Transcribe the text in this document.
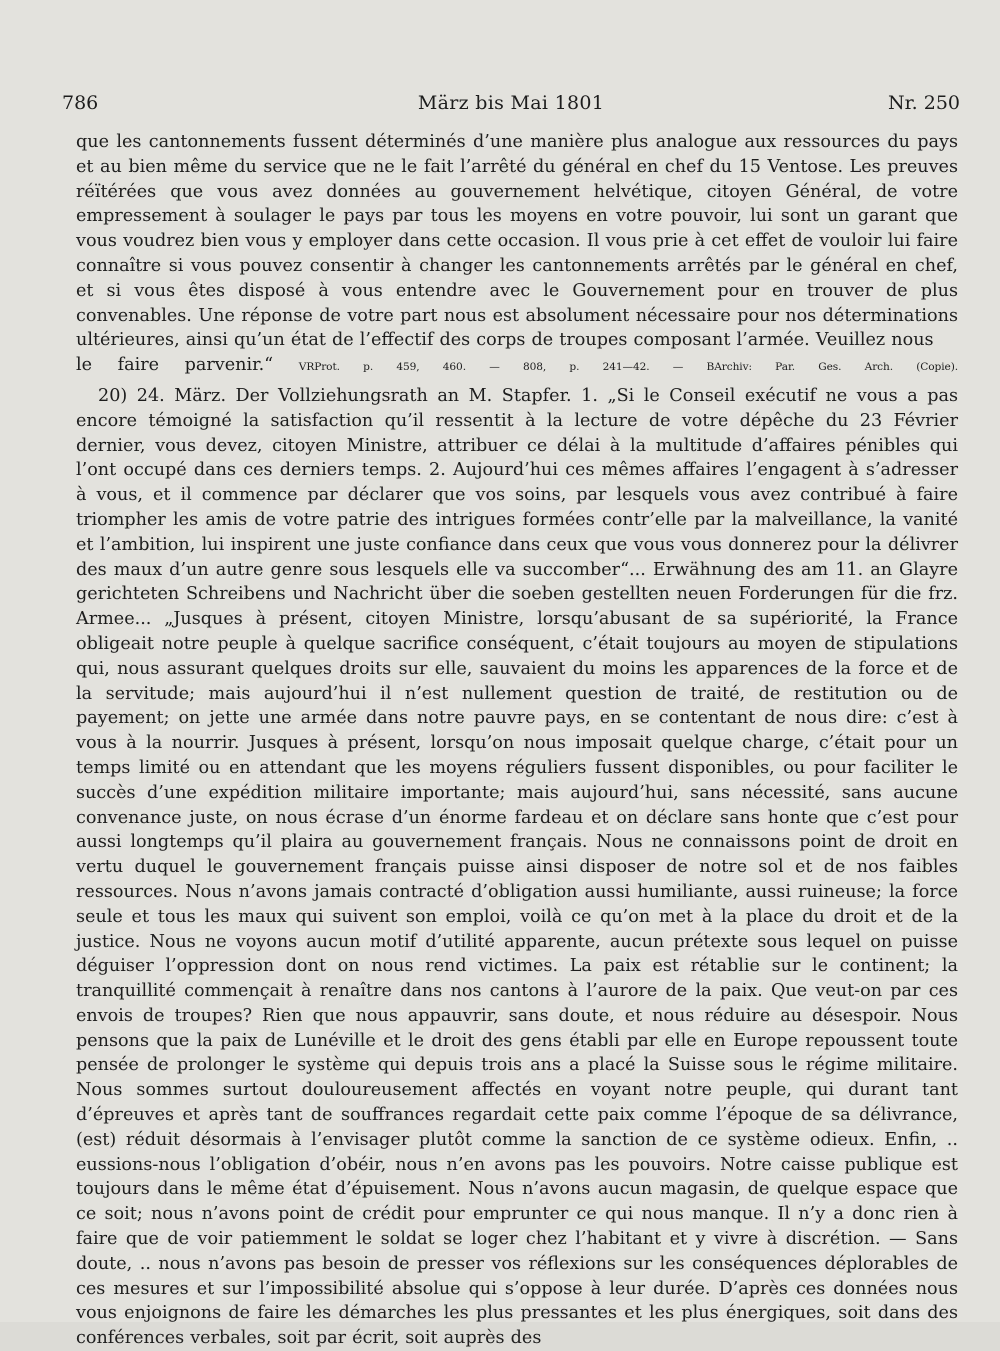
786	März bis Mai 1801	Nr. 250

que les cantonnements fussent déterminés d’une manière plus analogue aux ressources du pays et au bien même du service que ne le fait l’arrêté du général en chef du 15 Ventose. Les preuves réïtérées que vous avez données au gouvernement helvétique, citoyen Général, de votre empressement à soulager le pays par tous les moyens en votre pouvoir, lui sont un garant que vous voudrez bien vous y employer dans cette occasion. Il vous prie à cet effet de vouloir lui faire connaître si vous pouvez consentir à changer les cantonnements arrêtés par le général en chef, et si vous êtes disposé à vous entendre avec le Gouvernement pour en trouver de plus convenables. Une réponse de votre part nous est absolument nécessaire pour nos déterminations ultérieures, ainsi qu’un état de l’effectif des corps de troupes composant l’armée. Veuillez nous

le faire parvenir.“ VRProt. p. 459, 460. — 808, p. 241—42. — BArchiv: Par. Ges. Arch. (Copie).

20) 24. März. Der Vollziehungsrath an M. Stapfer. 1. „Si le Conseil exécutif ne vous a pas encore témoigné la satisfaction qu’il ressentit à la lecture de votre dépêche du 23 Février dernier, vous devez, citoyen Ministre, attribuer ce délai à la multitude d’affaires pénibles qui l’ont occupé dans ces derniers temps. 2. Aujourd’hui ces mêmes affaires l’engagent à s’adresser à vous, et il commence par déclarer que vos soins, par lesquels vous avez contribué à faire triompher les amis de votre patrie des intrigues formées contr’elle par la malveillance, la vanité et l’ambition, lui inspirent une juste confiance dans ceux que vous vous donnerez pour la délivrer des maux d’un autre genre sous lesquels elle va succomber“... Erwähnung des am 11. an Glayre gerichteten Schreibens und Nachricht über die soeben gestellten neuen Forderungen für die frz. Armee... „Jusques à présent, citoyen Ministre, lorsqu’abusant de sa supériorité, la France obligeait notre peuple à quelque sacrifice conséquent, c’était toujours au moyen de stipulations qui, nous assurant quelques droits sur elle, sauvaient du moins les apparences de la force et de la servitude; mais aujourd’hui il n’est nullement question de traité, de restitution ou de payement; on jette une armée dans notre pauvre pays, en se contentant de nous dire: c’est à vous à la nourrir. Jusques à présent, lorsqu’on nous imposait quelque charge, c’était pour un temps limité ou en attendant que les moyens réguliers fussent disponibles, ou pour faciliter le succès d’une expédition militaire importante; mais aujourd’hui, sans nécessité, sans aucune convenance juste, on nous écrase d’un énorme fardeau et on déclare sans honte que c’est pour aussi longtemps qu’il plaira au gouvernement français. Nous ne connaissons point de droit en vertu duquel le gouvernement français puisse ainsi disposer de notre sol et de nos faibles ressources. Nous n’avons jamais contracté d’obligation aussi humiliante, aussi ruineuse; la force seule et tous les maux qui suivent son emploi, voilà ce qu’on met à la place du droit et de la justice. Nous ne voyons aucun motif d’utilité apparente, aucun prétexte sous lequel on puisse déguiser l’oppression dont on nous rend victimes. La paix est rétablie sur le continent; la tranquillité commençait à renaître dans nos cantons à l’aurore de la paix. Que veut-on par ces envois de troupes? Rien que nous appauvrir, sans doute, et nous réduire au désespoir. Nous pensons que la paix de Lunéville et le droit des gens établi par elle en Europe repoussent toute pensée de prolonger le système qui depuis trois ans a placé la Suisse sous le régime militaire. Nous sommes surtout douloureusement affectés en voyant notre peuple, qui durant tant d’épreuves et après tant de souffrances regardait cette paix comme l’époque de sa délivrance, (est) réduit désormais à l’envisager plutôt comme la sanction de ce système odieux. Enfin, .. eussions-nous l’obligation d’obéir, nous n’en avons pas les pouvoirs. Notre caisse publique est toujours dans le même état d’épuisement. Nous n’avons aucun magasin, de quelque espace que ce soit; nous n’avons point de crédit pour emprunter ce qui nous manque. Il n’y a donc rien à faire que de voir patiemment le soldat se loger chez l’habitant et y vivre à discrétion. — Sans doute, .. nous n’avons pas besoin de presser vos réflexions sur les conséquences déplorables de ces mesures et sur l’impossibilité absolue qui s’oppose à leur durée. D’après ces données nous vous enjoignons de faire les démarches les plus pressantes et les plus énergiques, soit dans des conférences verbales, soit par écrit, soit auprès des
